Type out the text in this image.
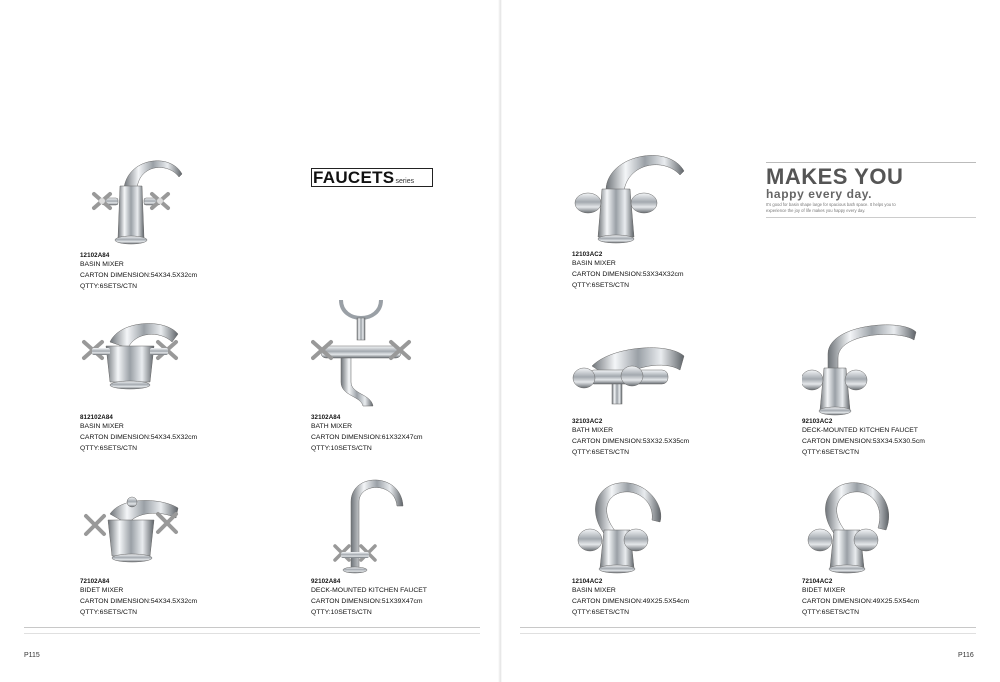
FAUCETS series
12102A84
BASIN MIXER
CARTON DIMENSION:54X34.5X32cm
QTTY:6SETS/CTN
812102A84
BASIN MIXER
CARTON DIMENSION:54X34.5X32cm
QTTY:6SETS/CTN
32102A84
BATH MIXER
CARTON DIMENSION:61X32X47cm
QTTY:10SETS/CTN
72102A84
BIDET MIXER
CARTON DIMENSION:54X34.5X32cm
QTTY:6SETS/CTN
92102A84
DECK-MOUNTED KITCHEN FAUCET
CARTON DIMENSION:51X39X47cm
QTTY:10SETS/CTN
P115
MAKES YOU
happy every day.
It's good for basin shape large for spacious bath space. It helps you to experience the joy of life makes you happy every day.
12103AC2
BASIN MIXER
CARTON DIMENSION:53X34X32cm
QTTY:6SETS/CTN
32103AC2
BATH MIXER
CARTON DIMENSION:53X32.5X35cm
QTTY:6SETS/CTN
92103AC2
DECK-MOUNTED KITCHEN FAUCET
CARTON DIMENSION:53X34.5X30.5cm
QTTY:6SETS/CTN
12104AC2
BASIN MIXER
CARTON DIMENSION:49X25.5X54cm
QTTY:6SETS/CTN
72104AC2
BIDET MIXER
CARTON DIMENSION:49X25.5X54cm
QTTY:6SETS/CTN
P116
